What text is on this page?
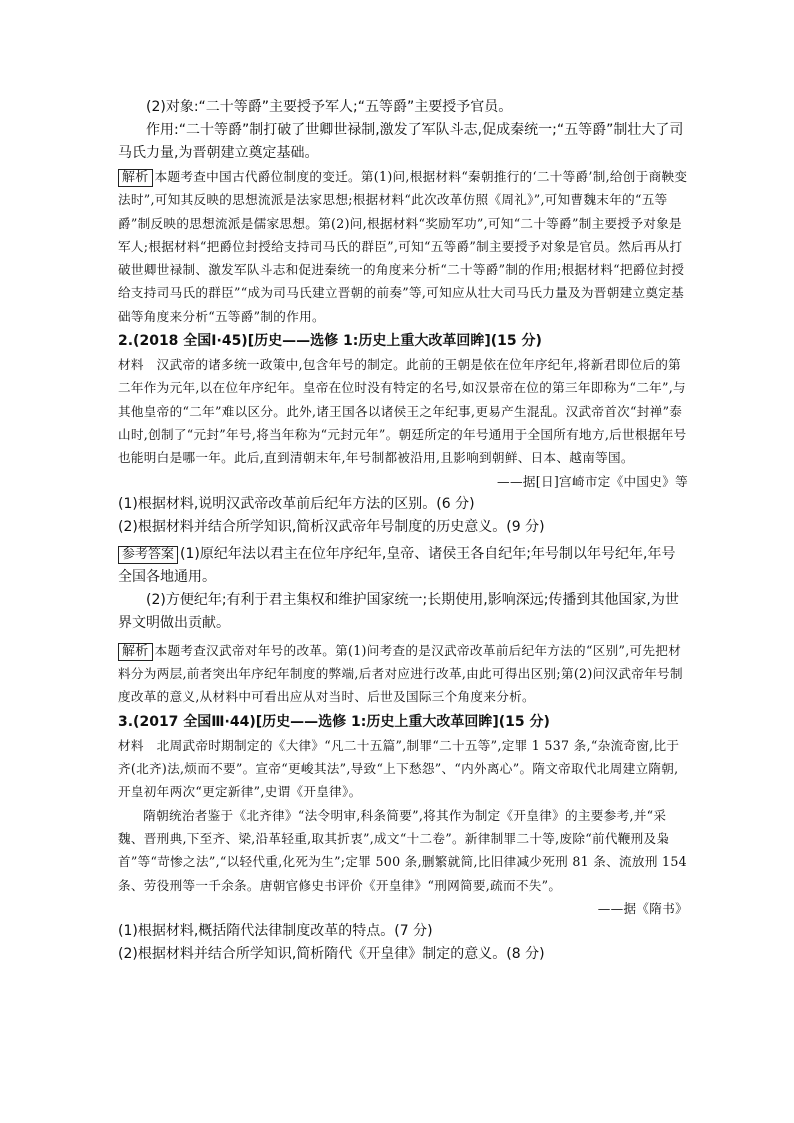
(2)对象:“二十等爵”主要授予军人;“五等爵”主要授予官员。

作用:“二十等爵”制打破了世卿世禄制,激发了军队斗志,促成秦统一;“五等爵”制壮大了司马氏力量,为晋朝建立奠定基础。

解析 本题考查中国古代爵位制度的变迁。第(1)问,根据材料“秦朝推行的‘二十等爵’制,给创于商鞅变法时”,可知其反映的思想流派是法家思想;根据材料“此次改革仿照《周礼》”,可知曹魏末年的“五等爵”制反映的思想流派是儒家思想。第(2)问,根据材料“奖励军功”,可知“二十等爵”制主要授予对象是军人;根据材料“把爵位封授给支持司马氏的群臣”,可知“五等爵”制主要授予对象是官员。然后再从打破世卿世禄制、激发军队斗志和促进秦统一的角度来分析“二十等爵”制的作用;根据材料“把爵位封授给支持司马氏的群臣”“成为司马氏建立晋朝的前奏”等,可知应从壮大司马氏力量及为晋朝建立奠定基础等角度来分析“五等爵”制的作用。

2.(2018 全国Ⅰ·45)[历史——选修 1:历史上重大改革回眸](15 分)

材料　汉武帝的诸多统一政策中,包含年号的制定。此前的王朝是依在位年序纪年,将新君即位后的第二年作为元年,以在位年序纪年。皇帝在位时没有特定的名号,如汉景帝在位的第三年即称为“二年”,与其他皇帝的“二年”难以区分。此外,诸王国各以诸侯王之年纪事,更易产生混乱。汉武帝首次“封禅”泰山时,创制了“元封”年号,将当年称为“元封元年”。朝廷所定的年号通用于全国所有地方,后世根据年号也能明白是哪一年。此后,直到清朝末年,年号制都被沿用,且影响到朝鲜、日本、越南等国。

——据[日]宫崎市定《中国史》等

(1)根据材料,说明汉武帝改革前后纪年方法的区别。(6 分)

(2)根据材料并结合所学知识,简析汉武帝年号制度的历史意义。(9 分)

参考答案 (1)原纪年法以君主在位年序纪年,皇帝、诸侯王各自纪年;年号制以年号纪年,年号全国各地通用。

(2)方便纪年;有利于君主集权和维护国家统一;长期使用,影响深远;传播到其他国家,为世界文明做出贡献。

解析 本题考查汉武帝对年号的改革。第(1)问考查的是汉武帝改革前后纪年方法的“区别”,可先把材料分为两层,前者突出年序纪年制度的弊端,后者对应进行改革,由此可得出区别;第(2)问汉武帝年号制度改革的意义,从材料中可看出应从对当时、后世及国际三个角度来分析。

3.(2017 全国Ⅲ·44)[历史——选修 1:历史上重大改革回眸](15 分)

材料　北周武帝时期制定的《大律》“凡二十五篇”,制罪“二十五等”,定罪 1 537 条,“杂流奇窗,比于齐(北齐)法,烦而不要”。宣帝“更峻其法”,导致“上下愁怨”、“内外离心”。隋文帝取代北周建立隋朝,开皇初年两次“更定新律”,史谓《开皇律》。

隋朝统治者鉴于《北齐律》“法令明审,科条简要”,将其作为制定《开皇律》的主要参考,并“采魏、晋刑典,下至齐、梁,沿革轻重,取其折衷”,成文“十二卷”。新律制罪二十等,废除“前代鞭刑及枭首”等“苛惨之法”,“以轻代重,化死为生”;定罪 500 条,删繁就简,比旧律减少死刑 81 条、流放刑 154 条、劳役刑等一千余条。唐朝官修史书评价《开皇律》“刑网简要,疏而不失”。

——据《隋书》

(1)根据材料,概括隋代法律制度改革的特点。(7 分)

(2)根据材料并结合所学知识,简析隋代《开皇律》制定的意义。(8 分)
